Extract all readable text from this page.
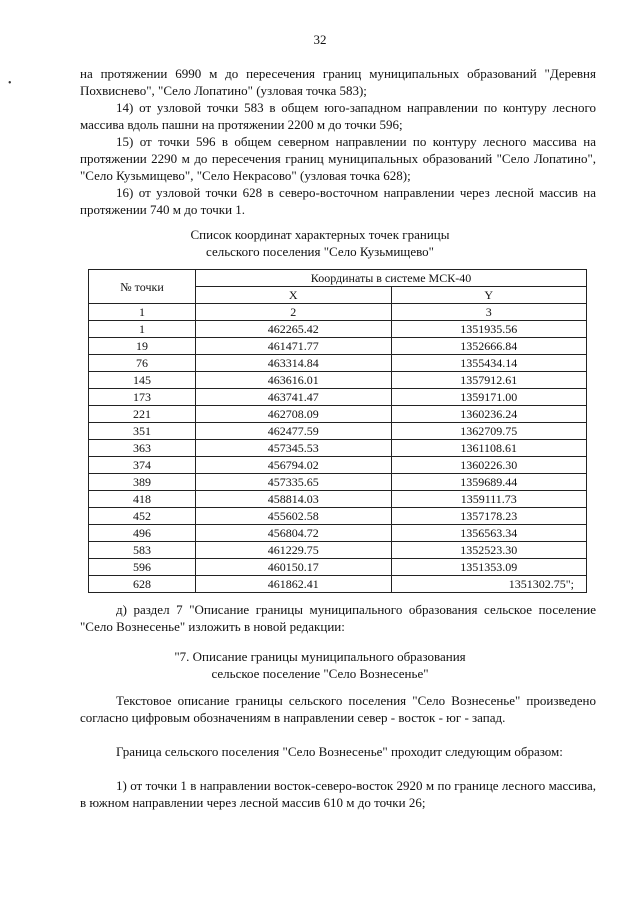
32
•

на протяжении 6990 м до пересечения границ муниципальных образований "Деревня Похвиснево", "Село Лопатино" (узловая точка 583);

14) от узловой точки 583 в общем юго-западном направлении по контуру лесного массива вдоль пашни на протяжении 2200 м до точки 596;

15) от точки 596 в общем северном направлении по контуру лесного массива на протяжении 2290 м до пересечения границ муниципальных образований "Село Лопатино", "Село Кузьмищево", "Село Некрасово" (узловая точка 628);

16) от узловой точки 628 в северо-восточном направлении через лесной массив на протяжении 740 м до точки 1.

Список координат характерных точек границы

сельского поселения "Село Кузьмищево"

№ точки	Координаты в системе МСК-40	
	X	Y
1	2	3
1	462265.42	1351935.56
19	461471.77	1352666.84
76	463314.84	1355434.14
145	463616.01	1357912.61
173	463741.47	1359171.00
221	462708.09	1360236.24
351	462477.59	1362709.75
363	457345.53	1361108.61
374	456794.02	1360226.30
389	457335.65	1359689.44
418	458814.03	1359111.73
452	455602.58	1357178.23
496	456804.72	1356563.34
583	461229.75	1352523.30
596	460150.17	1351353.09
628	461862.41	1351302.75";

д) раздел 7 "Описание границы муниципального образования сельское поселение "Село Вознесенье" изложить в новой редакции:

"7. Описание границы муниципального образования

сельское поселение "Село Вознесенье"

Текстовое описание границы сельского поселения "Село Вознесенье" произведено согласно цифровым обозначениям в направлении север - восток - юг - запад.

Граница сельского поселения "Село Вознесенье" проходит следующим образом:

1) от точки 1 в направлении восток-северо-восток 2920 м по границе лесного массива, в южном направлении через лесной массив 610 м до точки 26;
